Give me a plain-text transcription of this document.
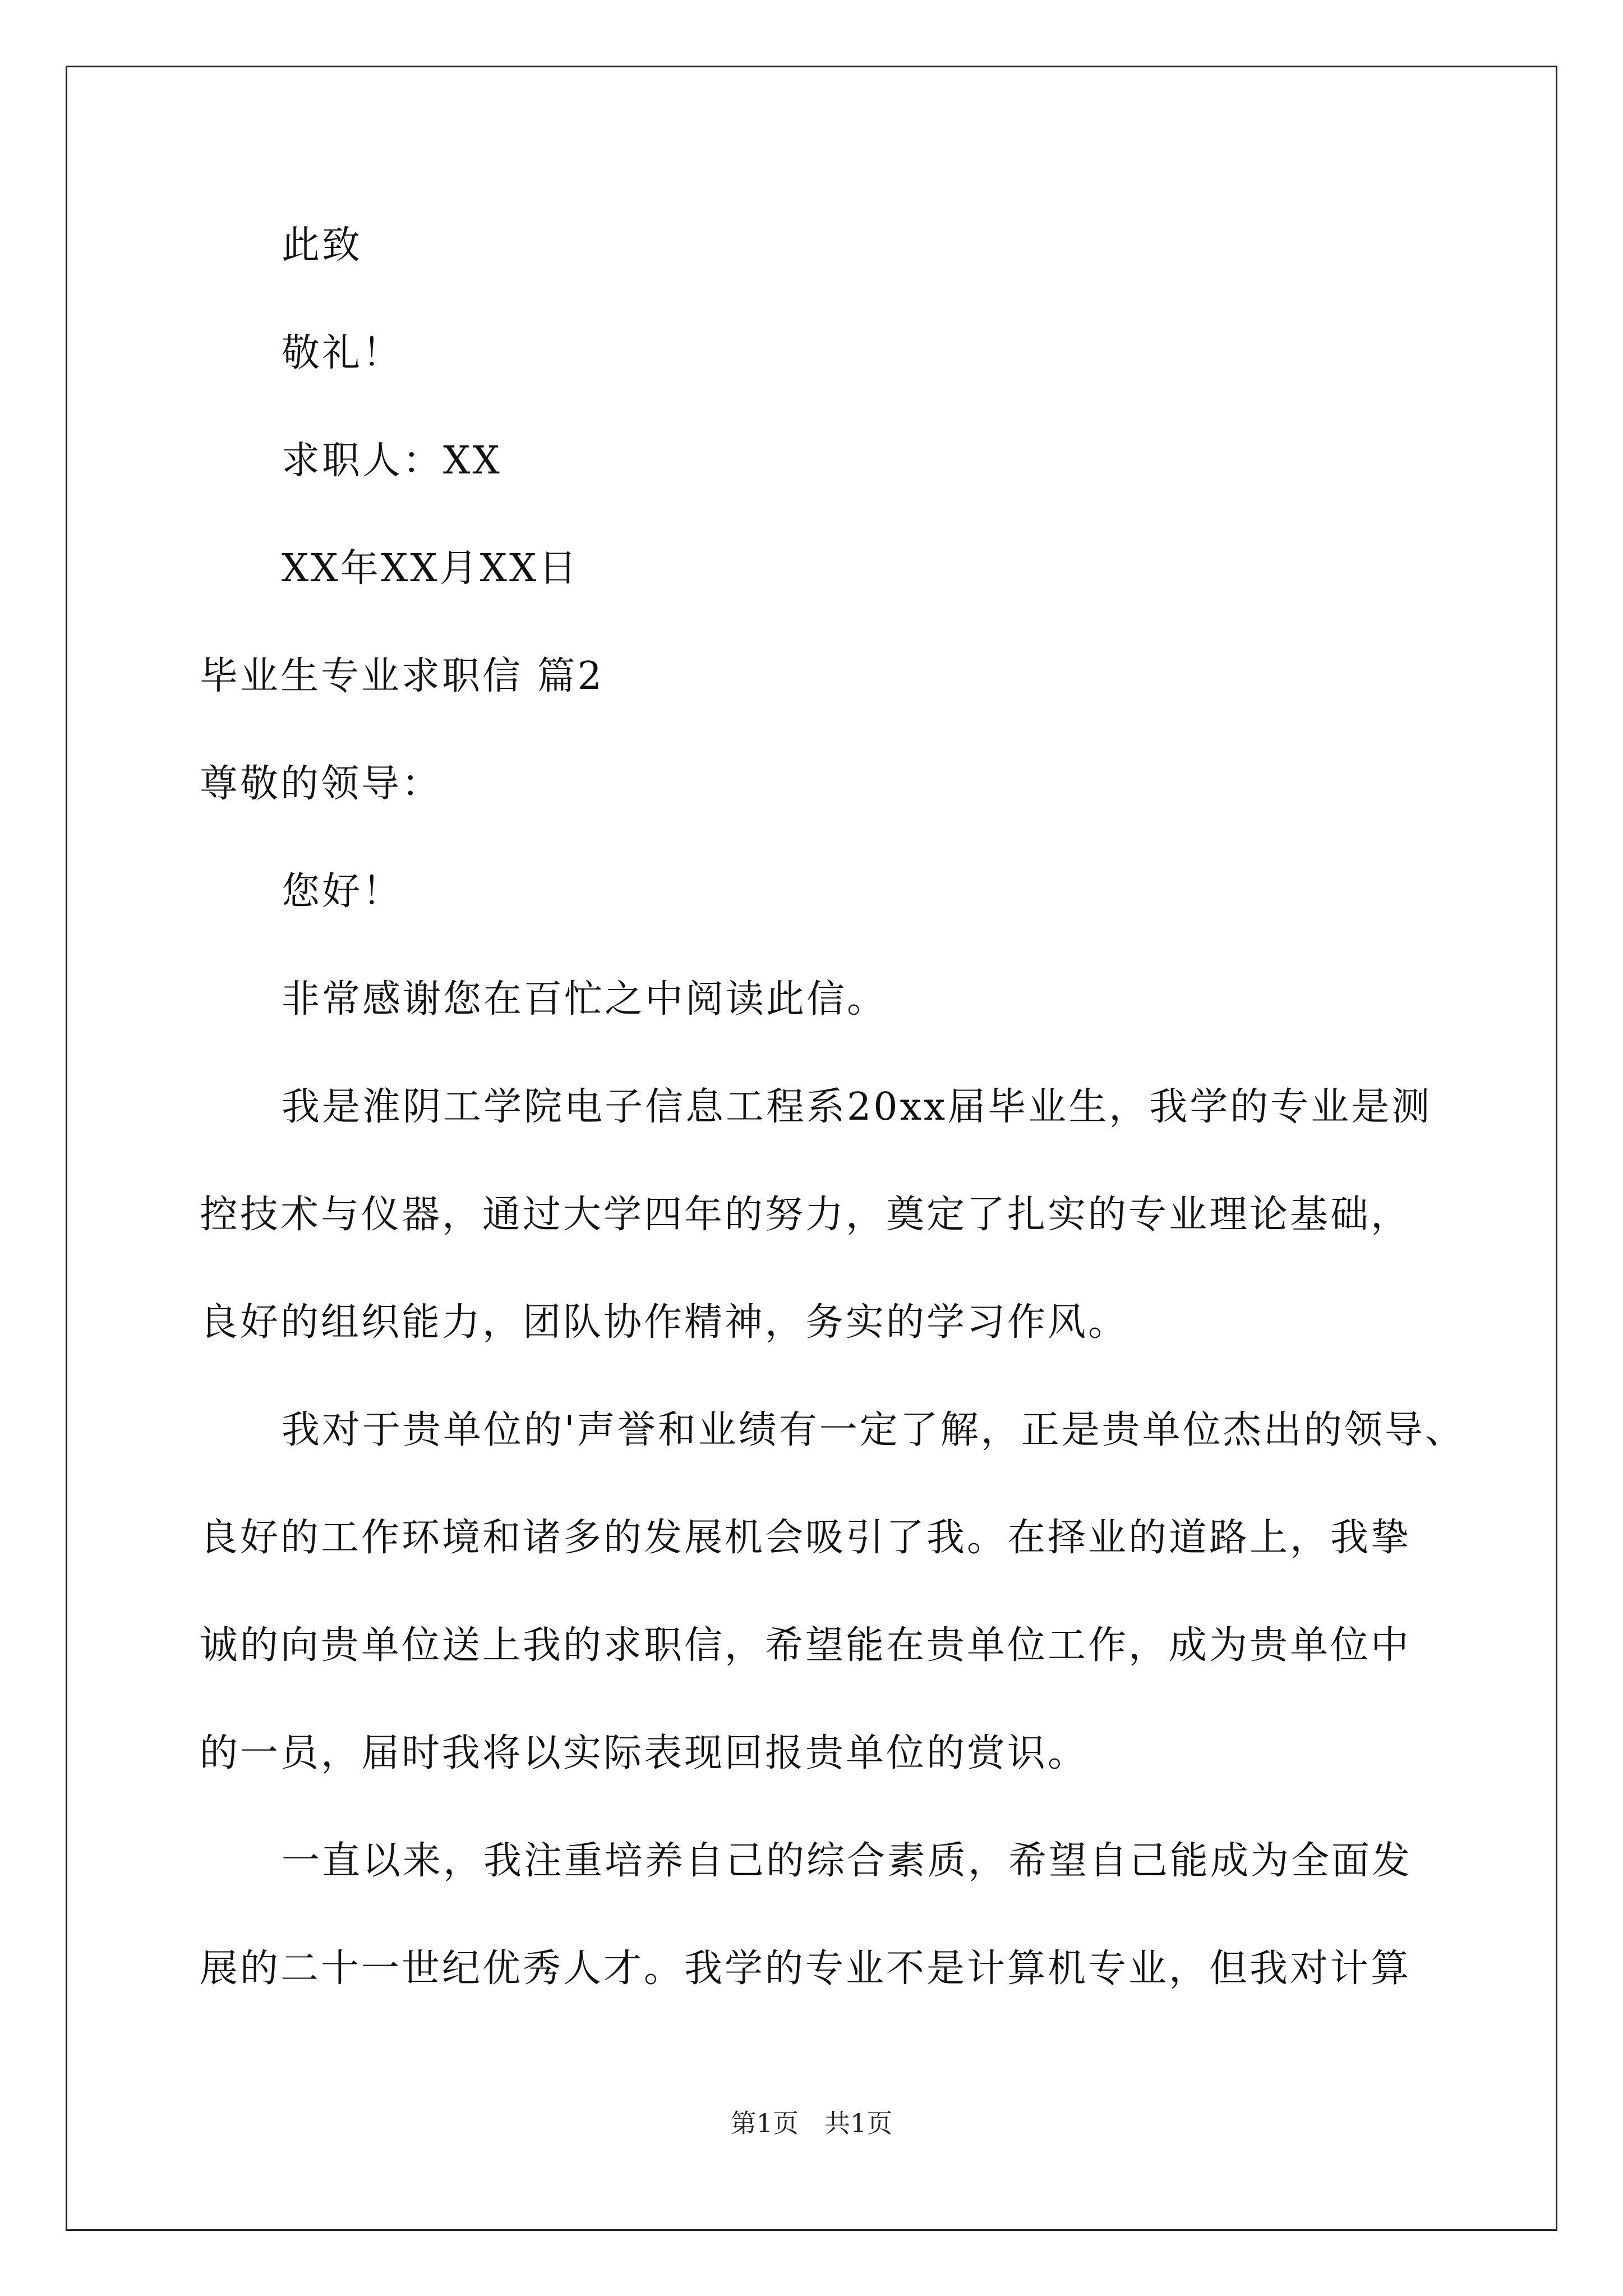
此致
敬礼！
求职人：XX
XX年XX月XX日
毕业生专业求职信 篇2
尊敬的领导：
您好！
非常感谢您在百忙之中阅读此信。
我是淮阴工学院电子信息工程系20xx届毕业生，我学的专业是测
控技术与仪器，通过大学四年的努力，奠定了扎实的专业理论基础，
良好的组织能力，团队协作精神，务实的学习作风。
我对于贵单位的'声誉和业绩有一定了解，正是贵单位杰出的领导、
良好的工作环境和诸多的发展机会吸引了我。在择业的道路上，我挚
诚的向贵单位送上我的求职信，希望能在贵单位工作，成为贵单位中
的一员，届时我将以实际表现回报贵单位的赏识。
一直以来，我注重培养自己的综合素质，希望自己能成为全面发
展的二十一世纪优秀人才。我学的专业不是计算机专业，但我对计算
第1页　共1页
